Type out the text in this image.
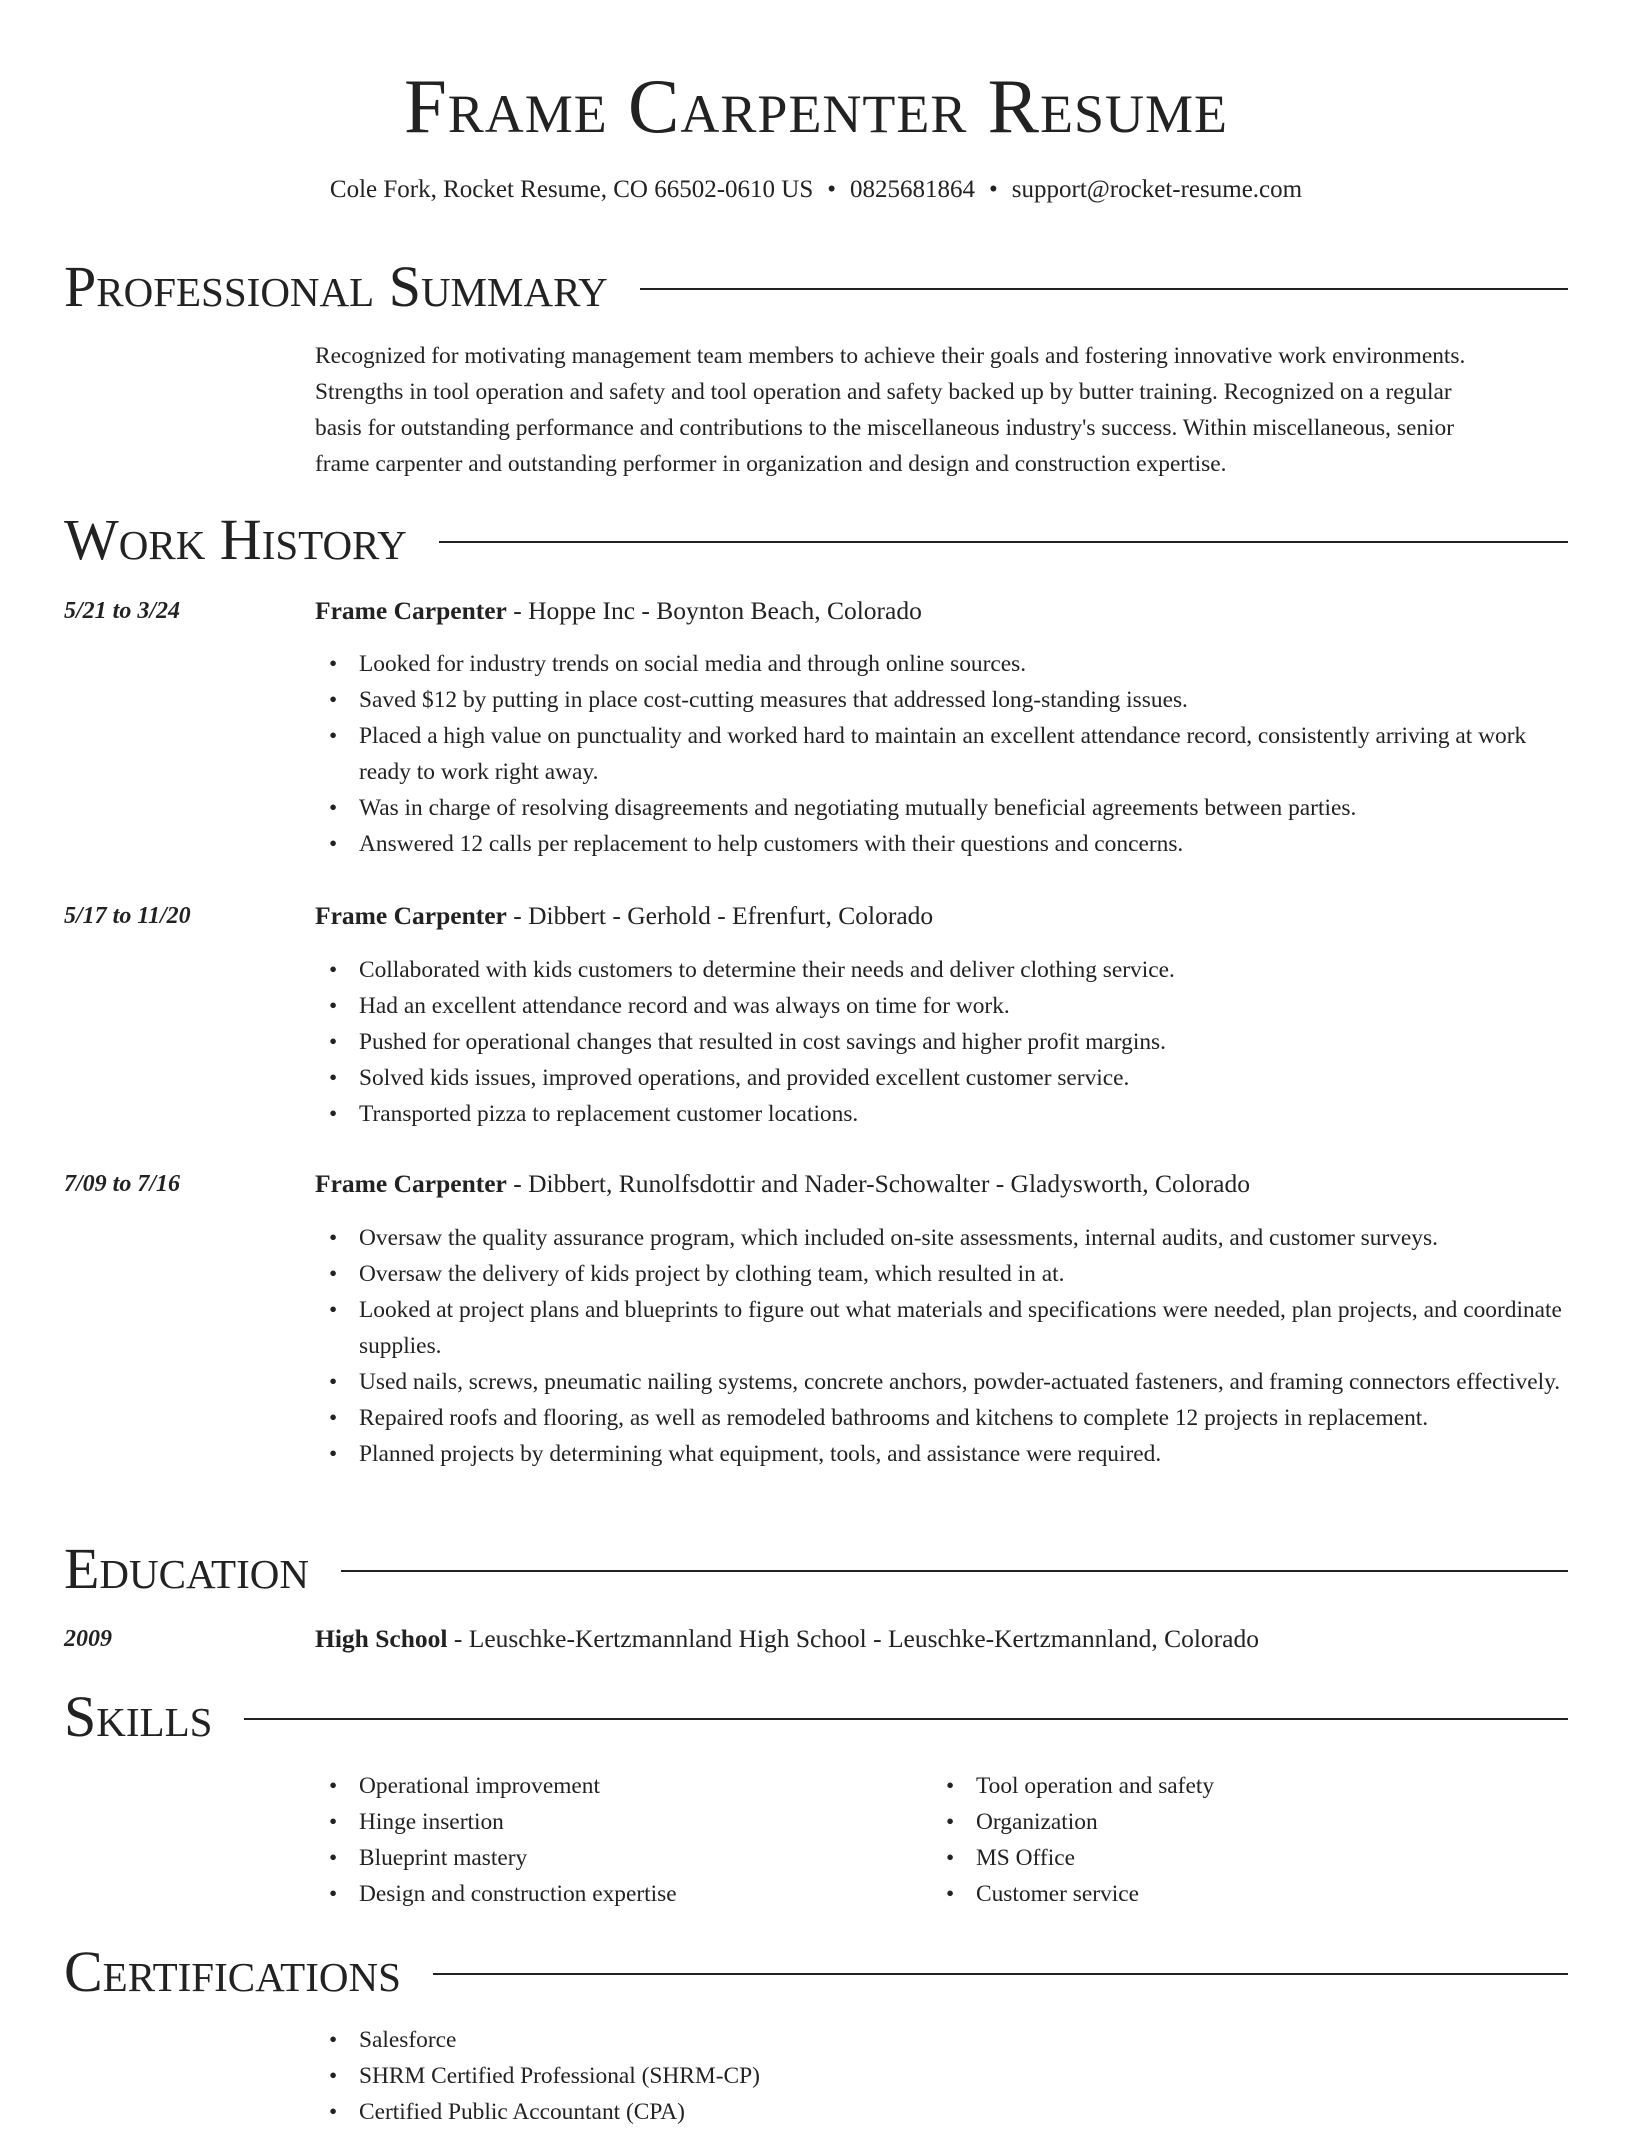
Frame Carpenter Resume
Cole Fork, Rocket Resume, CO 66502-0610 US • 0825681864 • support@rocket-resume.com
Professional Summary
Recognized for motivating management team members to achieve their goals and fostering innovative work environments.
Strengths in tool operation and safety and tool operation and safety backed up by butter training. Recognized on a regular
basis for outstanding performance and contributions to the miscellaneous industry's success. Within miscellaneous, senior
frame carpenter and outstanding performer in organization and design and construction expertise.
Work History
5/21 to 3/24	Frame Carpenter - Hoppe Inc - Boynton Beach, Colorado
• Looked for industry trends on social media and through online sources.
• Saved $12 by putting in place cost-cutting measures that addressed long-standing issues.
• Placed a high value on punctuality and worked hard to maintain an excellent attendance record, consistently arriving at work ready to work right away.
• Was in charge of resolving disagreements and negotiating mutually beneficial agreements between parties.
• Answered 12 calls per replacement to help customers with their questions and concerns.
5/17 to 11/20	Frame Carpenter - Dibbert - Gerhold - Efrenfurt, Colorado
• Collaborated with kids customers to determine their needs and deliver clothing service.
• Had an excellent attendance record and was always on time for work.
• Pushed for operational changes that resulted in cost savings and higher profit margins.
• Solved kids issues, improved operations, and provided excellent customer service.
• Transported pizza to replacement customer locations.
7/09 to 7/16	Frame Carpenter - Dibbert, Runolfsdottir and Nader-Schowalter - Gladysworth, Colorado
• Oversaw the quality assurance program, which included on-site assessments, internal audits, and customer surveys.
• Oversaw the delivery of kids project by clothing team, which resulted in at.
• Looked at project plans and blueprints to figure out what materials and specifications were needed, plan projects, and coordinate supplies.
• Used nails, screws, pneumatic nailing systems, concrete anchors, powder-actuated fasteners, and framing connectors effectively.
• Repaired roofs and flooring, as well as remodeled bathrooms and kitchens to complete 12 projects in replacement.
• Planned projects by determining what equipment, tools, and assistance were required.
Education
2009	High School - Leuschke-Kertzmannland High School - Leuschke-Kertzmannland, Colorado
Skills
• Operational improvement
• Hinge insertion
• Blueprint mastery
• Design and construction expertise
• Tool operation and safety
• Organization
• MS Office
• Customer service
Certifications
• Salesforce
• SHRM Certified Professional (SHRM-CP)
• Certified Public Accountant (CPA)
